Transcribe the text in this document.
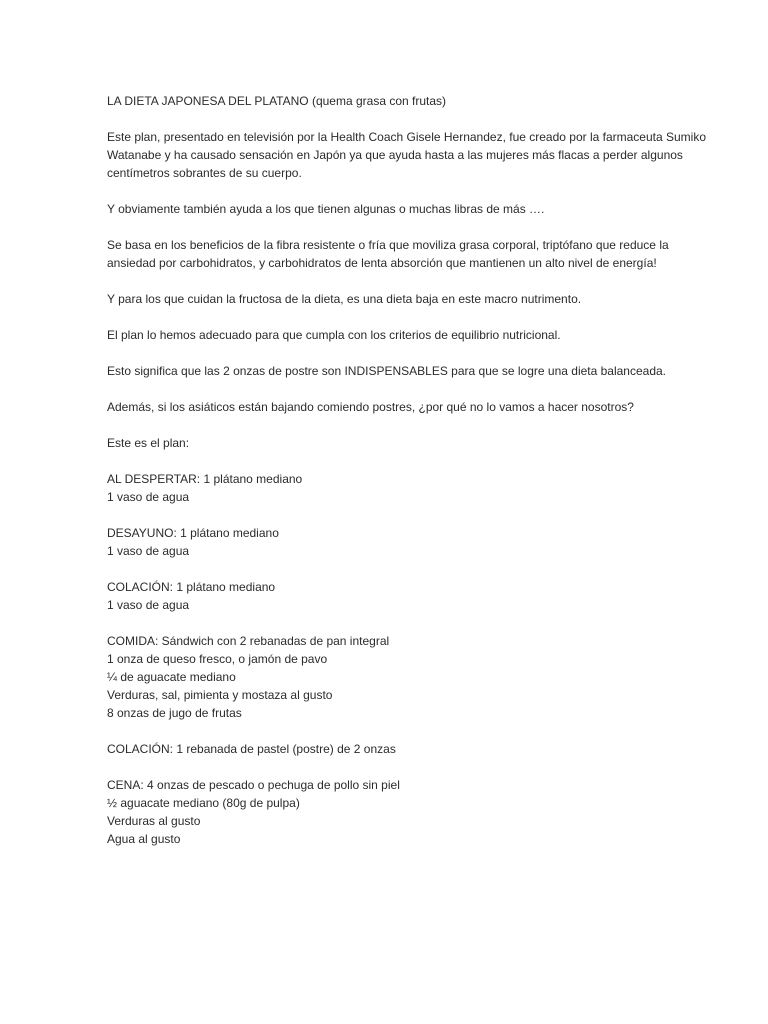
LA DIETA JAPONESA DEL PLATANO (quema grasa con frutas)

Este plan, presentado en televisión por la Health Coach Gisele Hernandez, fue creado por la farmaceuta Sumiko Watanabe y ha causado sensación en Japón ya que ayuda hasta a las mujeres más flacas a perder algunos centímetros sobrantes de su cuerpo.

Y obviamente también ayuda a los que tienen algunas o muchas libras de más ….

Se basa en los beneficios de la fibra resistente o fría que moviliza grasa corporal, triptófano que reduce la ansiedad por carbohidratos, y carbohidratos de lenta absorción que mantienen un alto nivel de energía!

Y para los que cuidan la fructosa de la dieta, es una dieta baja en este macro nutrimento.

El plan lo hemos adecuado para que cumpla con los criterios de equilibrio nutricional.

Esto significa que las 2 onzas de postre son INDISPENSABLES para que se logre una dieta balanceada.

Además, si los asiáticos están bajando comiendo postres, ¿por qué no lo vamos a hacer nosotros?

Este es el plan:

AL DESPERTAR: 1 plátano mediano
1 vaso de agua
DESAYUNO: 1 plátano mediano
1 vaso de agua
COLACIÓN: 1 plátano mediano
1 vaso de agua
COMIDA: Sándwich con 2 rebanadas de pan integral
1 onza de queso fresco, o jamón de pavo
¼ de aguacate mediano
Verduras, sal, pimienta y mostaza al gusto
8 onzas de jugo de frutas
COLACIÓN: 1 rebanada de pastel (postre) de 2 onzas
CENA: 4 onzas de pescado o pechuga de pollo sin piel
½ aguacate mediano (80g de pulpa)
Verduras al gusto
Agua al gusto
